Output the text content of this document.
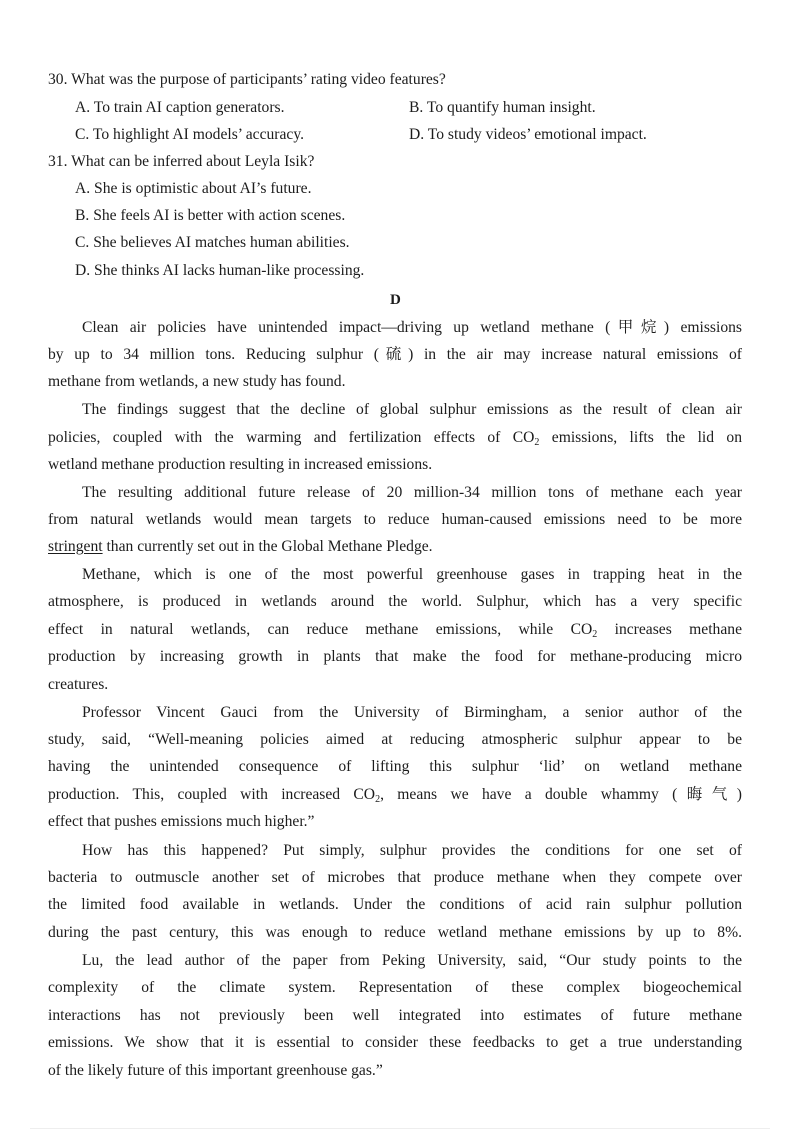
30. What was the purpose of participants’ rating video features?
A. To train AI caption generators.	B. To quantify human insight.
C. To highlight AI models’ accuracy.	D. To study videos’ emotional impact.
31. What can be inferred about Leyla Isik?
A. She is optimistic about AI’s future.
B. She feels AI is better with action scenes.
C. She believes AI matches human abilities.
D. She thinks AI lacks human-like processing.
D
Clean air policies have unintended impact—driving up wetland methane (甲烷) emissions
by up to 34 million tons. Reducing sulphur (硫) in the air may increase natural emissions of
methane from wetlands, a new study has found.
The findings suggest that the decline of global sulphur emissions as the result of clean air
policies, coupled with the warming and fertilization effects of $CO_2$ emissions, lifts the lid on
wetland methane production resulting in increased emissions.
The resulting additional future release of 20 million-34 million tons of methane each year
from natural wetlands would mean targets to reduce human-caused emissions need to be more
stringent than currently set out in the Global Methane Pledge.
Methane, which is one of the most powerful greenhouse gases in trapping heat in the
atmosphere, is produced in wetlands around the world. Sulphur, which has a very specific
effect in natural wetlands, can reduce methane emissions, while $CO_2$ increases methane
production by increasing growth in plants that make the food for methane-producing micro
creatures.
Professor Vincent Gauci from the University of Birmingham, a senior author of the
study, said, “Well-meaning policies aimed at reducing atmospheric sulphur appear to be
having the unintended consequence of lifting this sulphur ‘lid’ on wetland methane
production. This, coupled with increased $CO_2$, means we have a double whammy (晦气)
effect that pushes emissions much higher.”
How has this happened? Put simply, sulphur provides the conditions for one set of
bacteria to outmuscle another set of microbes that produce methane when they compete over
the limited food available in wetlands. Under the conditions of acid rain sulphur pollution
during the past century, this was enough to reduce wetland methane emissions by up to 8%.
Lu, the lead author of the paper from Peking University, said, “Our study points to the
complexity of the climate system. Representation of these complex biogeochemical
interactions has not previously been well integrated into estimates of future methane
emissions. We show that it is essential to consider these feedbacks to get a true understanding
of the likely future of this important greenhouse gas.”
